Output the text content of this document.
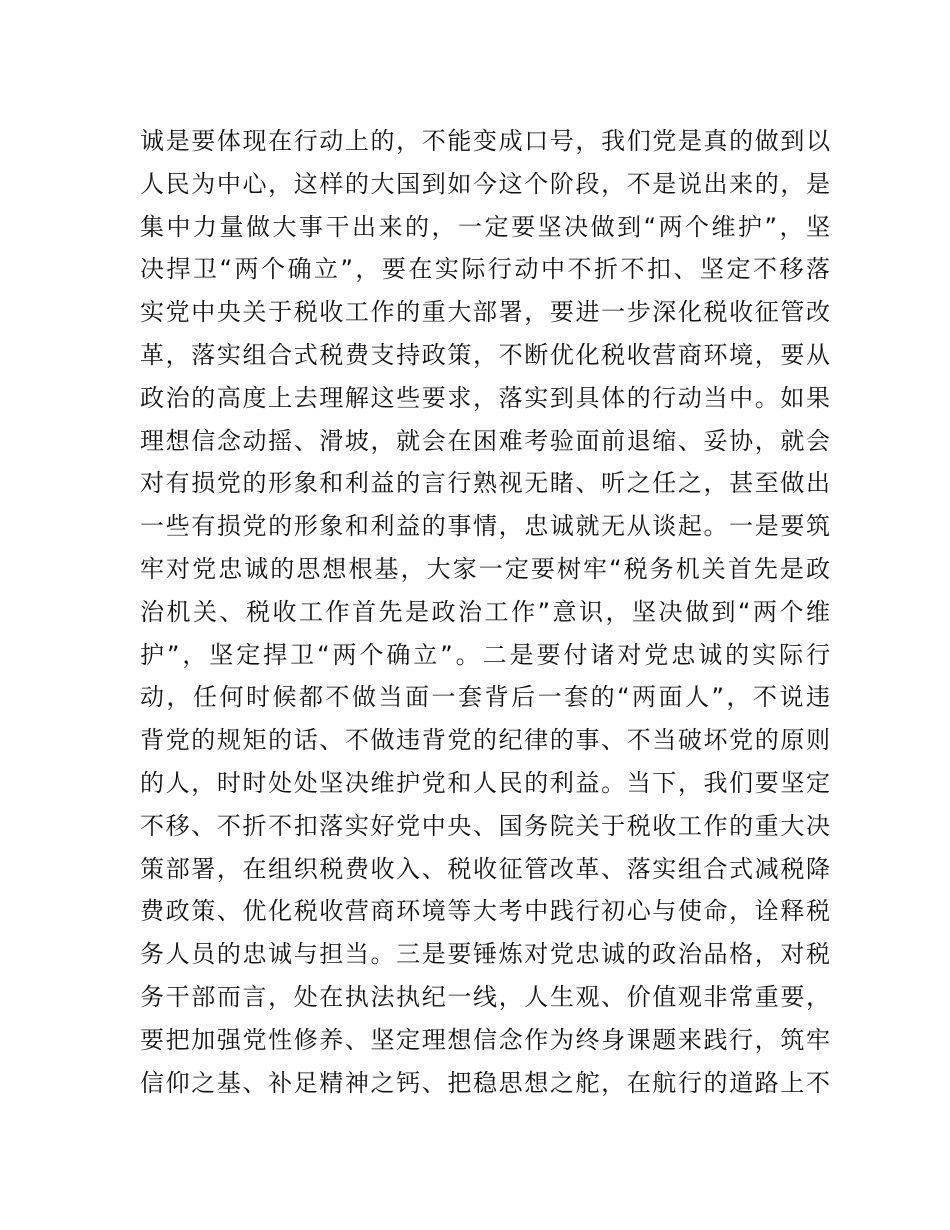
诚是要体现在行动上的，不能变成口号，我们党是真的做到以
人民为中心，这样的大国到如今这个阶段，不是说出来的，是
集中力量做大事干出来的，一定要坚决做到“两个维护”，坚
决捍卫“两个确立”，要在实际行动中不折不扣、坚定不移落
实党中央关于税收工作的重大部署，要进一步深化税收征管改
革，落实组合式税费支持政策，不断优化税收营商环境，要从
政治的高度上去理解这些要求，落实到具体的行动当中。如果
理想信念动摇、滑坡，就会在困难考验面前退缩、妥协，就会
对有损党的形象和利益的言行熟视无睹、听之任之，甚至做出
一些有损党的形象和利益的事情，忠诚就无从谈起。一是要筑
牢对党忠诚的思想根基，大家一定要树牢“税务机关首先是政
治机关、税收工作首先是政治工作”意识，坚决做到“两个维
护”，坚定捍卫“两个确立”。二是要付诸对党忠诚的实际行
动，任何时候都不做当面一套背后一套的“两面人”，不说违
背党的规矩的话、不做违背党的纪律的事、不当破坏党的原则
的人，时时处处坚决维护党和人民的利益。当下，我们要坚定
不移、不折不扣落实好党中央、国务院关于税收工作的重大决
策部署，在组织税费收入、税收征管改革、落实组合式减税降
费政策、优化税收营商环境等大考中践行初心与使命，诠释税
务人员的忠诚与担当。三是要锤炼对党忠诚的政治品格，对税
务干部而言，处在执法执纪一线，人生观、价值观非常重要，
要把加强党性修养、坚定理想信念作为终身课题来践行，筑牢
信仰之基、补足精神之钙、把稳思想之舵，在航行的道路上不
